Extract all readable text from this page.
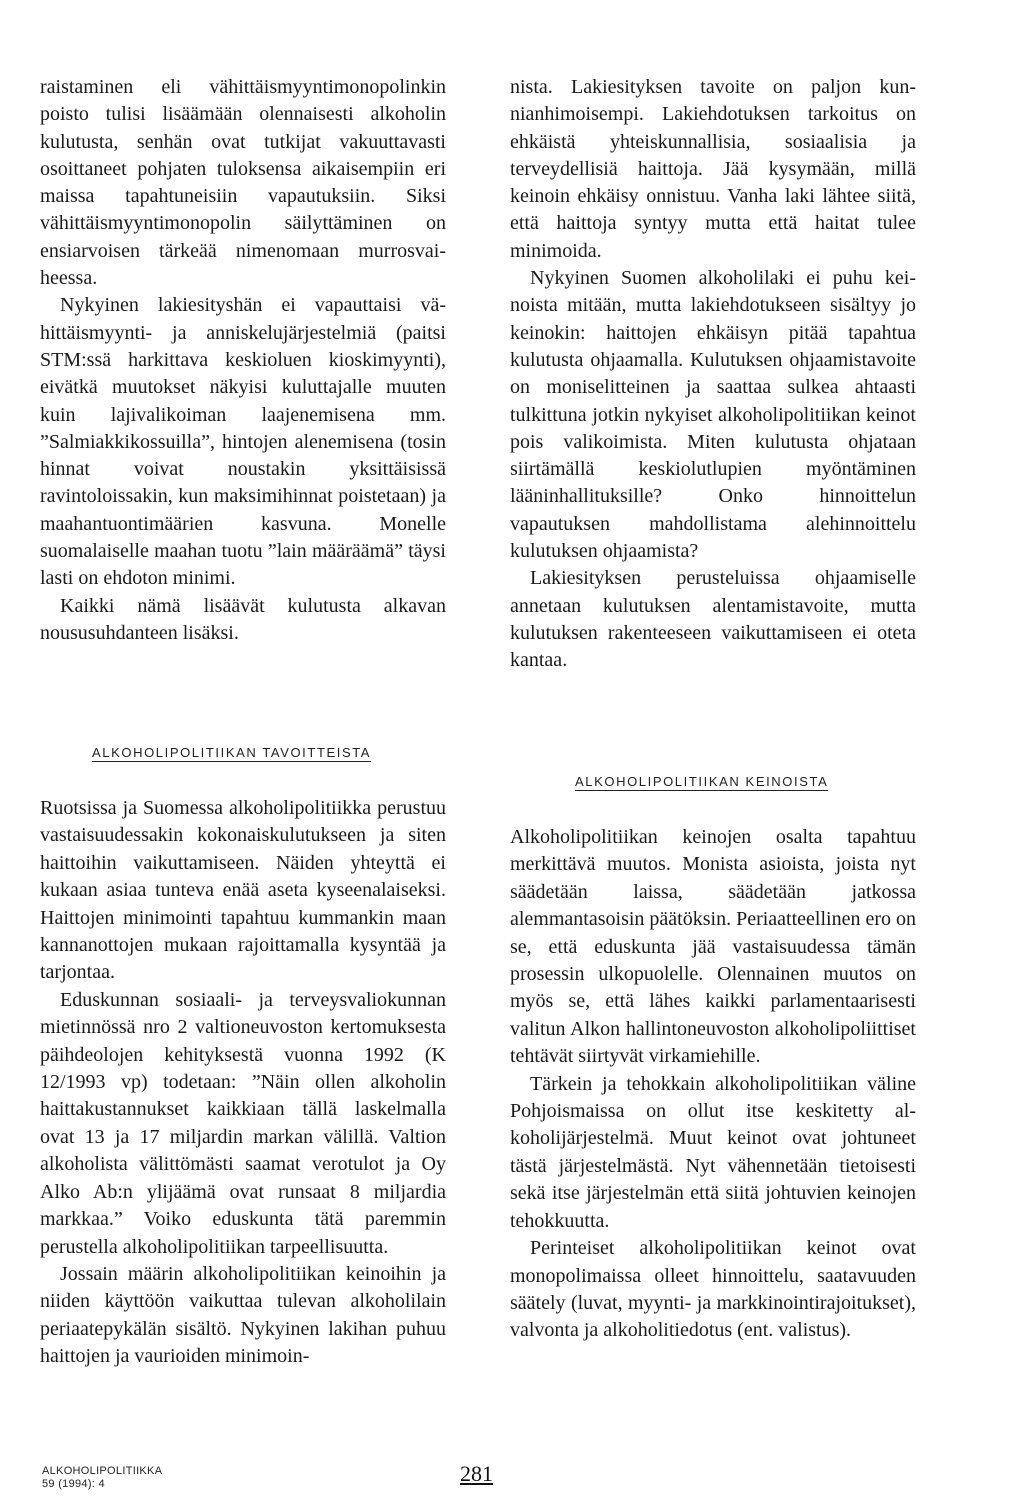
raistaminen eli vähittäismyyntimonopolinkin poisto tulisi lisäämään olennaisesti alkoholin kulutusta, senhän ovat tutkijat vakuuttavasti osoittaneet pohjaten tuloksensa aikaisempiin eri maissa tapahtuneisiin vapautuksiin. Siksi vähittäismyyntimonopolin säilyttäminen on ensiarvoisen tärkeää nimenomaan murrosvaiheessa.

Nykyinen lakiesityshän ei vapauttaisi vähittäismyynti- ja anniskelujärjestelmiä (paitsi STM:ssä harkittava keskioluen kioskimyynti), eivätkä muutokset näkyisi kuluttajalle muuten kuin lajivalikoiman laajenemisena mm. ”Salmiakkikossuilla”, hintojen alenemisena (tosin hinnat voivat noustakin yksittäisissä ravintoloissakin, kun maksimihinnat poistetaan) ja maahantuontimäärien kasvuna. Monelle suomalaiselle maahan tuotu ”lain määräämä” täysi lasti on ehdoton minimi.

Kaikki nämä lisäävät kulutusta alkavan noususuhdanteen lisäksi.

nista. Lakiesityksen tavoite on paljon kunnianhimoisempi. Lakiehdotuksen tarkoitus on ehkäistä yhteiskunnallisia, sosiaalisia ja terveydellisiä haittoja. Jää kysymään, millä keinoin ehkäisy onnistuu. Vanha laki lähtee siitä, että haittoja syntyy mutta että haitat tulee minimoida.

Nykyinen Suomen alkoholilaki ei puhu keinoista mitään, mutta lakiehdotukseen sisältyy jo keinokin: haittojen ehkäisyn pitää tapahtua kulutusta ohjaamalla. Kulutuksen ohjaamistavoite on moniselitteinen ja saattaa sulkea ahtaasti tulkittuna jotkin nykyiset alkoholipolitiikan keinot pois valikoimista. Miten kulutusta ohjataan siirtämällä keskiolutlupien myöntäminen lääninhallituksille? Onko hinnoittelun vapautuksen mahdollistama alehinnoittelu kulutuksen ohjaamista?

Lakiesityksen perusteluissa ohjaamiselle annetaan kulutuksen alentamistavoite, mutta kulutuksen rakenteeseen vaikuttamiseen ei oteta kantaa.

ALKOHOLIPOLITIIKAN TAVOITTEISTA
ALKOHOLIPOLITIIKAN KEINOISTA

Ruotsissa ja Suomessa alkoholipolitiikka perustuu vastaisuudessakin kokonaiskulutukseen ja siten haittoihin vaikuttamiseen. Näiden yhteyttä ei kukaan asiaa tunteva enää aseta kyseenalaiseksi. Haittojen minimointi tapahtuu kummankin maan kannanottojen mukaan rajoittamalla kysyntää ja tarjontaa.

Eduskunnan sosiaali- ja terveysvaliokunnan mietinnössä nro 2 valtioneuvoston kertomuksesta päihdeolojen kehityksestä vuonna 1992 (K 12/1993 vp) todetaan: ”Näin ollen alkoholin haittakustannukset kaikkiaan tällä laskelmalla ovat 13 ja 17 miljardin markan välillä. Valtion alkoholista välittömästi saamat verotulot ja Oy Alko Ab:n ylijäämä ovat runsaat 8 miljardia markkaa.” Voiko eduskunta tätä paremmin perustella alkoholipolitiikan tarpeellisuutta.

Jossain määrin alkoholipolitiikan keinoihin ja niiden käyttöön vaikuttaa tulevan alkoholilain periaatepykälän sisältö. Nykyinen lakihan puhuu haittojen ja vaurioiden minimoin-

Alkoholipolitiikan keinojen osalta tapahtuu merkittävä muutos. Monista asioista, joista nyt säädetään laissa, säädetään jatkossa alemmantasoisin päätöksin. Periaatteellinen ero on se, että eduskunta jää vastaisuudessa tämän prosessin ulkopuolelle. Olennainen muutos on myös se, että lähes kaikki parlamentaarisesti valitun Alkon hallintoneuvoston alkoholipoliittiset tehtävät siirtyvät virkamiehille.

Tärkein ja tehokkain alkoholipolitiikan väline Pohjoismaissa on ollut itse keskitetty alkoholijärjestelmä. Muut keinot ovat johtuneet tästä järjestelmästä. Nyt vähennetään tietoisesti sekä itse järjestelmän että siitä johtuvien keinojen tehokkuutta.

Perinteiset alkoholipolitiikan keinot ovat monopolimaissa olleet hinnoittelu, saatavuuden säätely (luvat, myynti- ja markkinointirajoitukset), valvonta ja alkoholitiedotus (ent. valistus).

ALKOHOLIPOLITIIKKA
59 (1994): 4	281
